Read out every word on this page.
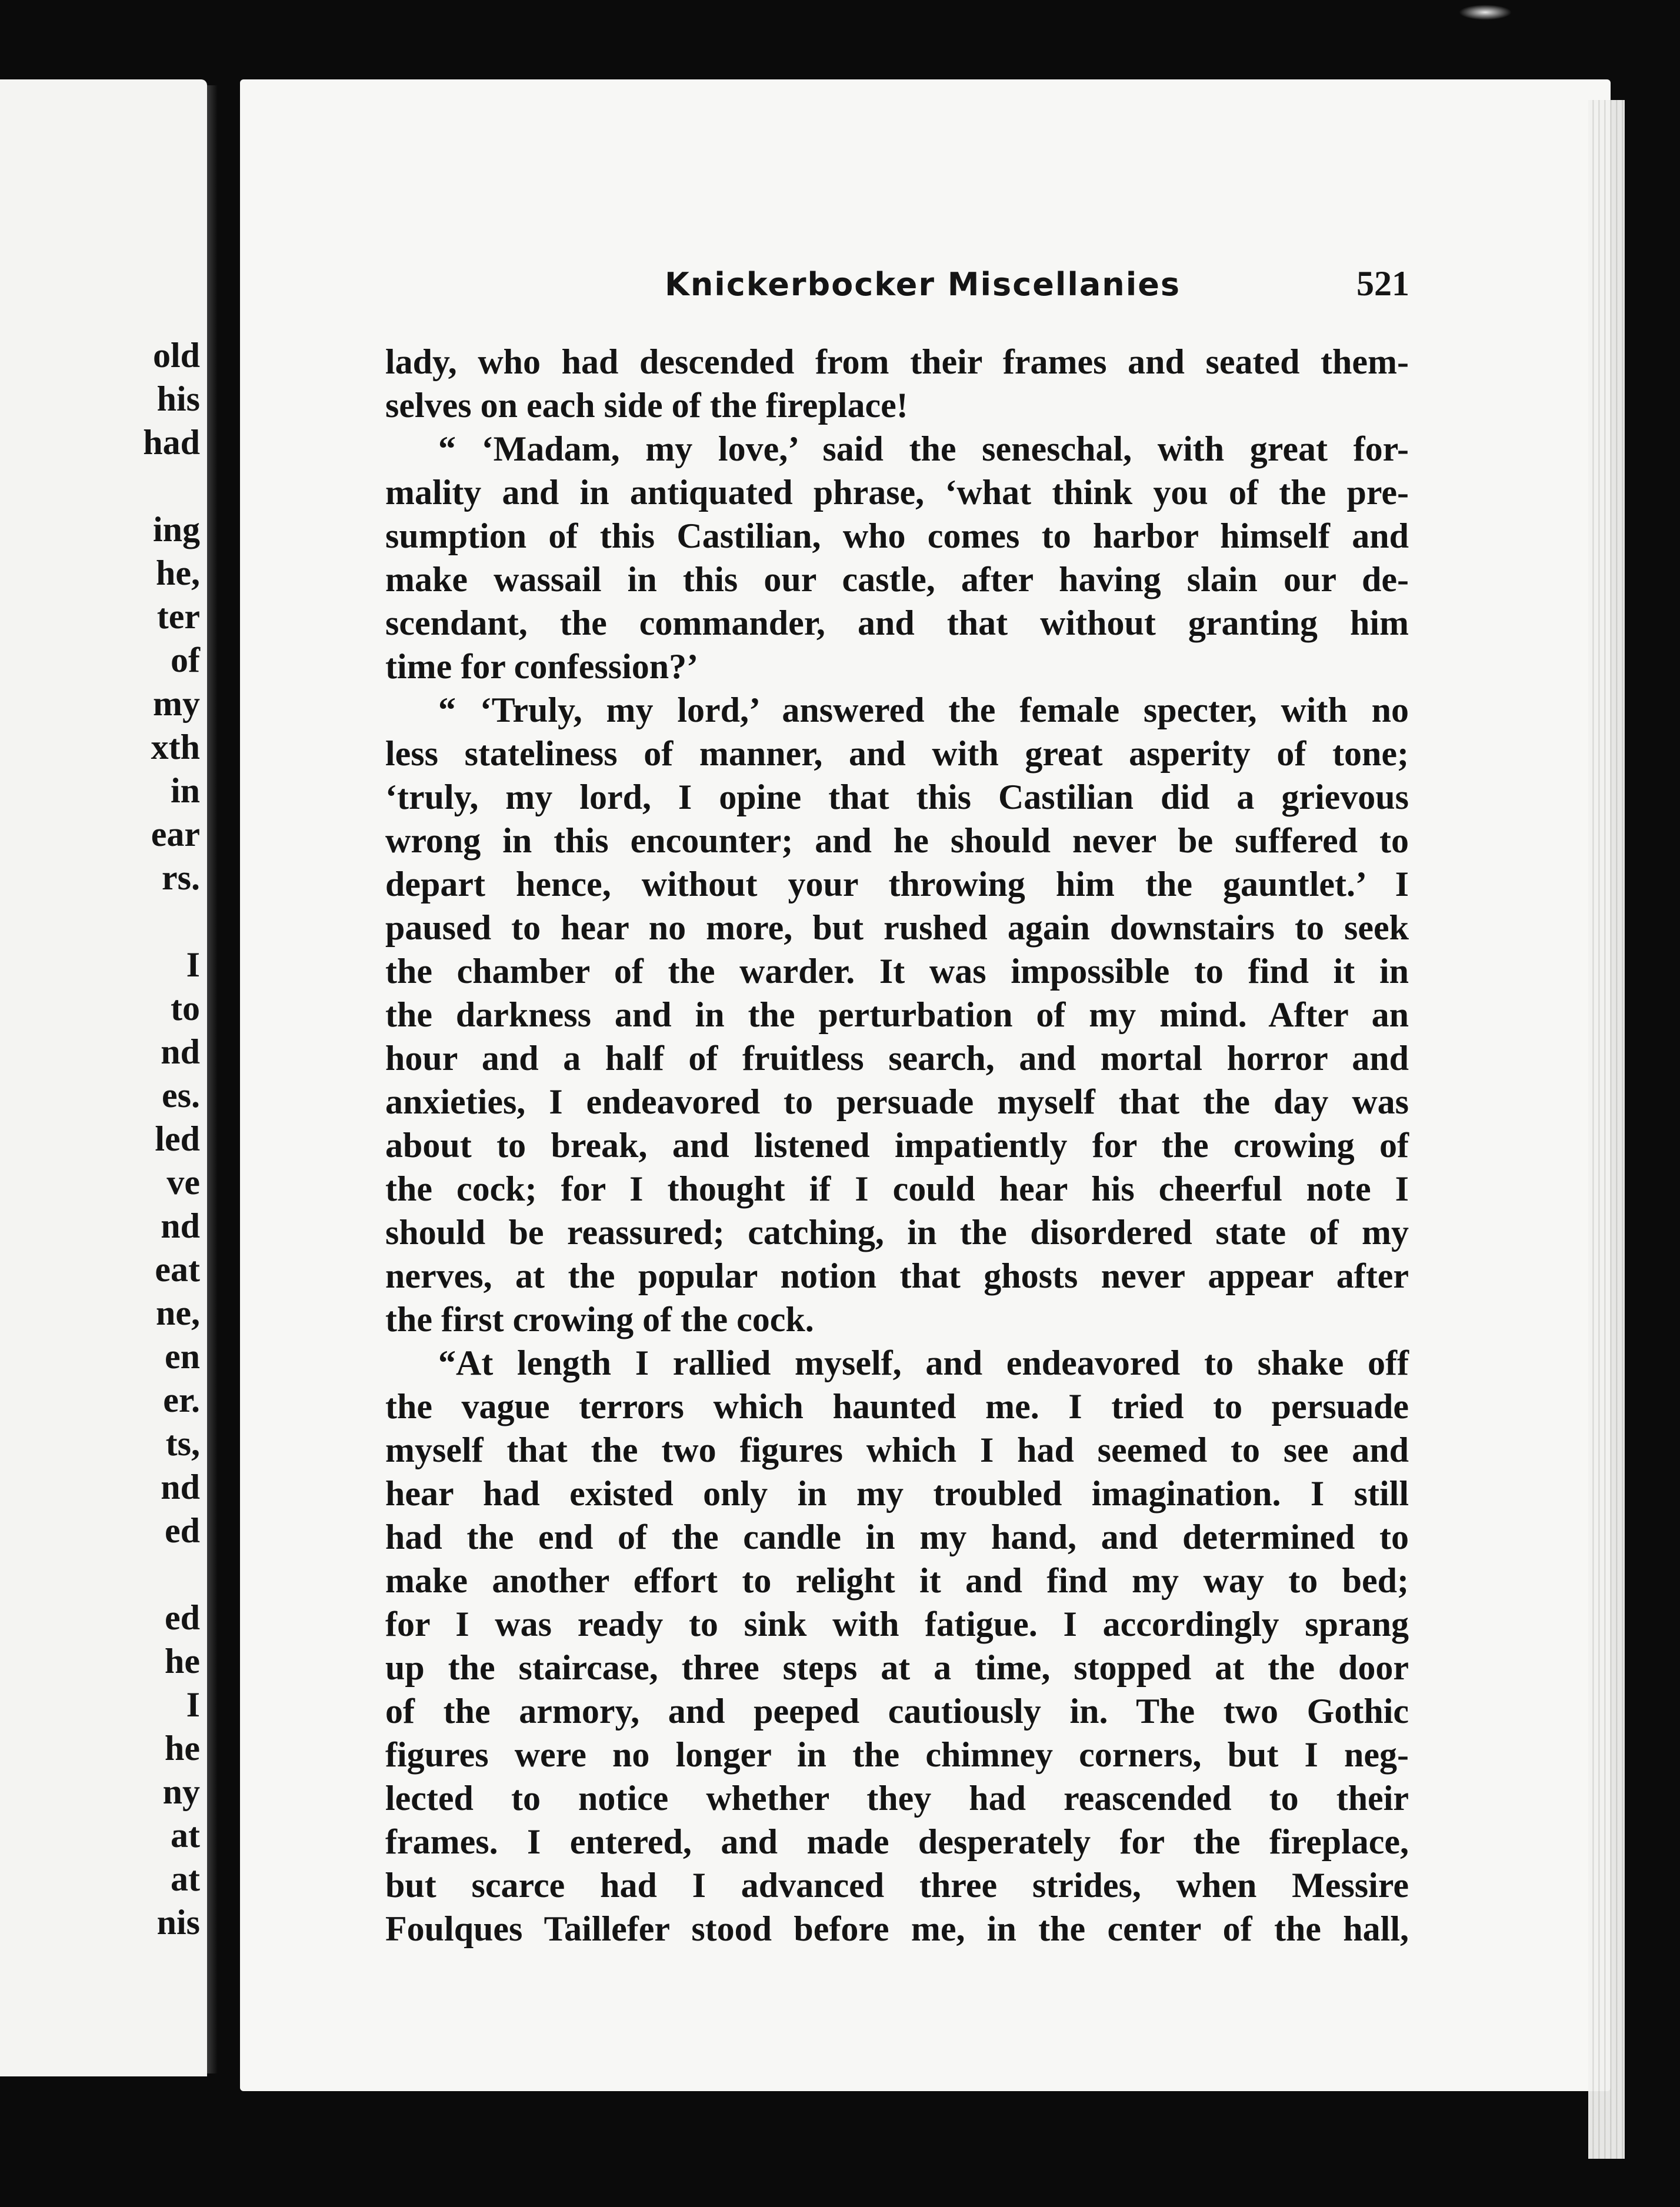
old
his
had
ing
he,
ter
of
my
xth
in
ear
rs.
I
to
nd
es.
led
ve
nd
eat
ne,
en
er.
ts,
nd
ed
ed
he
I
he
ny
at
at
nis
Knickerbocker Miscellanies	521
lady, who had descended from their frames and seated them-
selves on each side of the fireplace!
“ ‘Madam, my love,’ said the seneschal, with great for-
mality and in antiquated phrase, ‘what think you of the pre-
sumption of this Castilian, who comes to harbor himself and
make wassail in this our castle, after having slain our de-
scendant, the commander, and that without granting him
time for confession?’
“ ‘Truly, my lord,’ answered the female specter, with no
less stateliness of manner, and with great asperity of tone;
‘truly, my lord, I opine that this Castilian did a grievous
wrong in this encounter; and he should never be suffered to
depart hence, without your throwing him the gauntlet.’ I
paused to hear no more, but rushed again downstairs to seek
the chamber of the warder. It was impossible to find it in
the darkness and in the perturbation of my mind. After an
hour and a half of fruitless search, and mortal horror and
anxieties, I endeavored to persuade myself that the day was
about to break, and listened impatiently for the crowing of
the cock; for I thought if I could hear his cheerful note I
should be reassured; catching, in the disordered state of my
nerves, at the popular notion that ghosts never appear after
the first crowing of the cock.
“At length I rallied myself, and endeavored to shake off
the vague terrors which haunted me. I tried to persuade
myself that the two figures which I had seemed to see and
hear had existed only in my troubled imagination. I still
had the end of the candle in my hand, and determined to
make another effort to relight it and find my way to bed;
for I was ready to sink with fatigue. I accordingly sprang
up the staircase, three steps at a time, stopped at the door
of the armory, and peeped cautiously in. The two Gothic
figures were no longer in the chimney corners, but I neg-
lected to notice whether they had reascended to their
frames. I entered, and made desperately for the fireplace,
but scarce had I advanced three strides, when Messire
Foulques Taillefer stood before me, in the center of the hall,
